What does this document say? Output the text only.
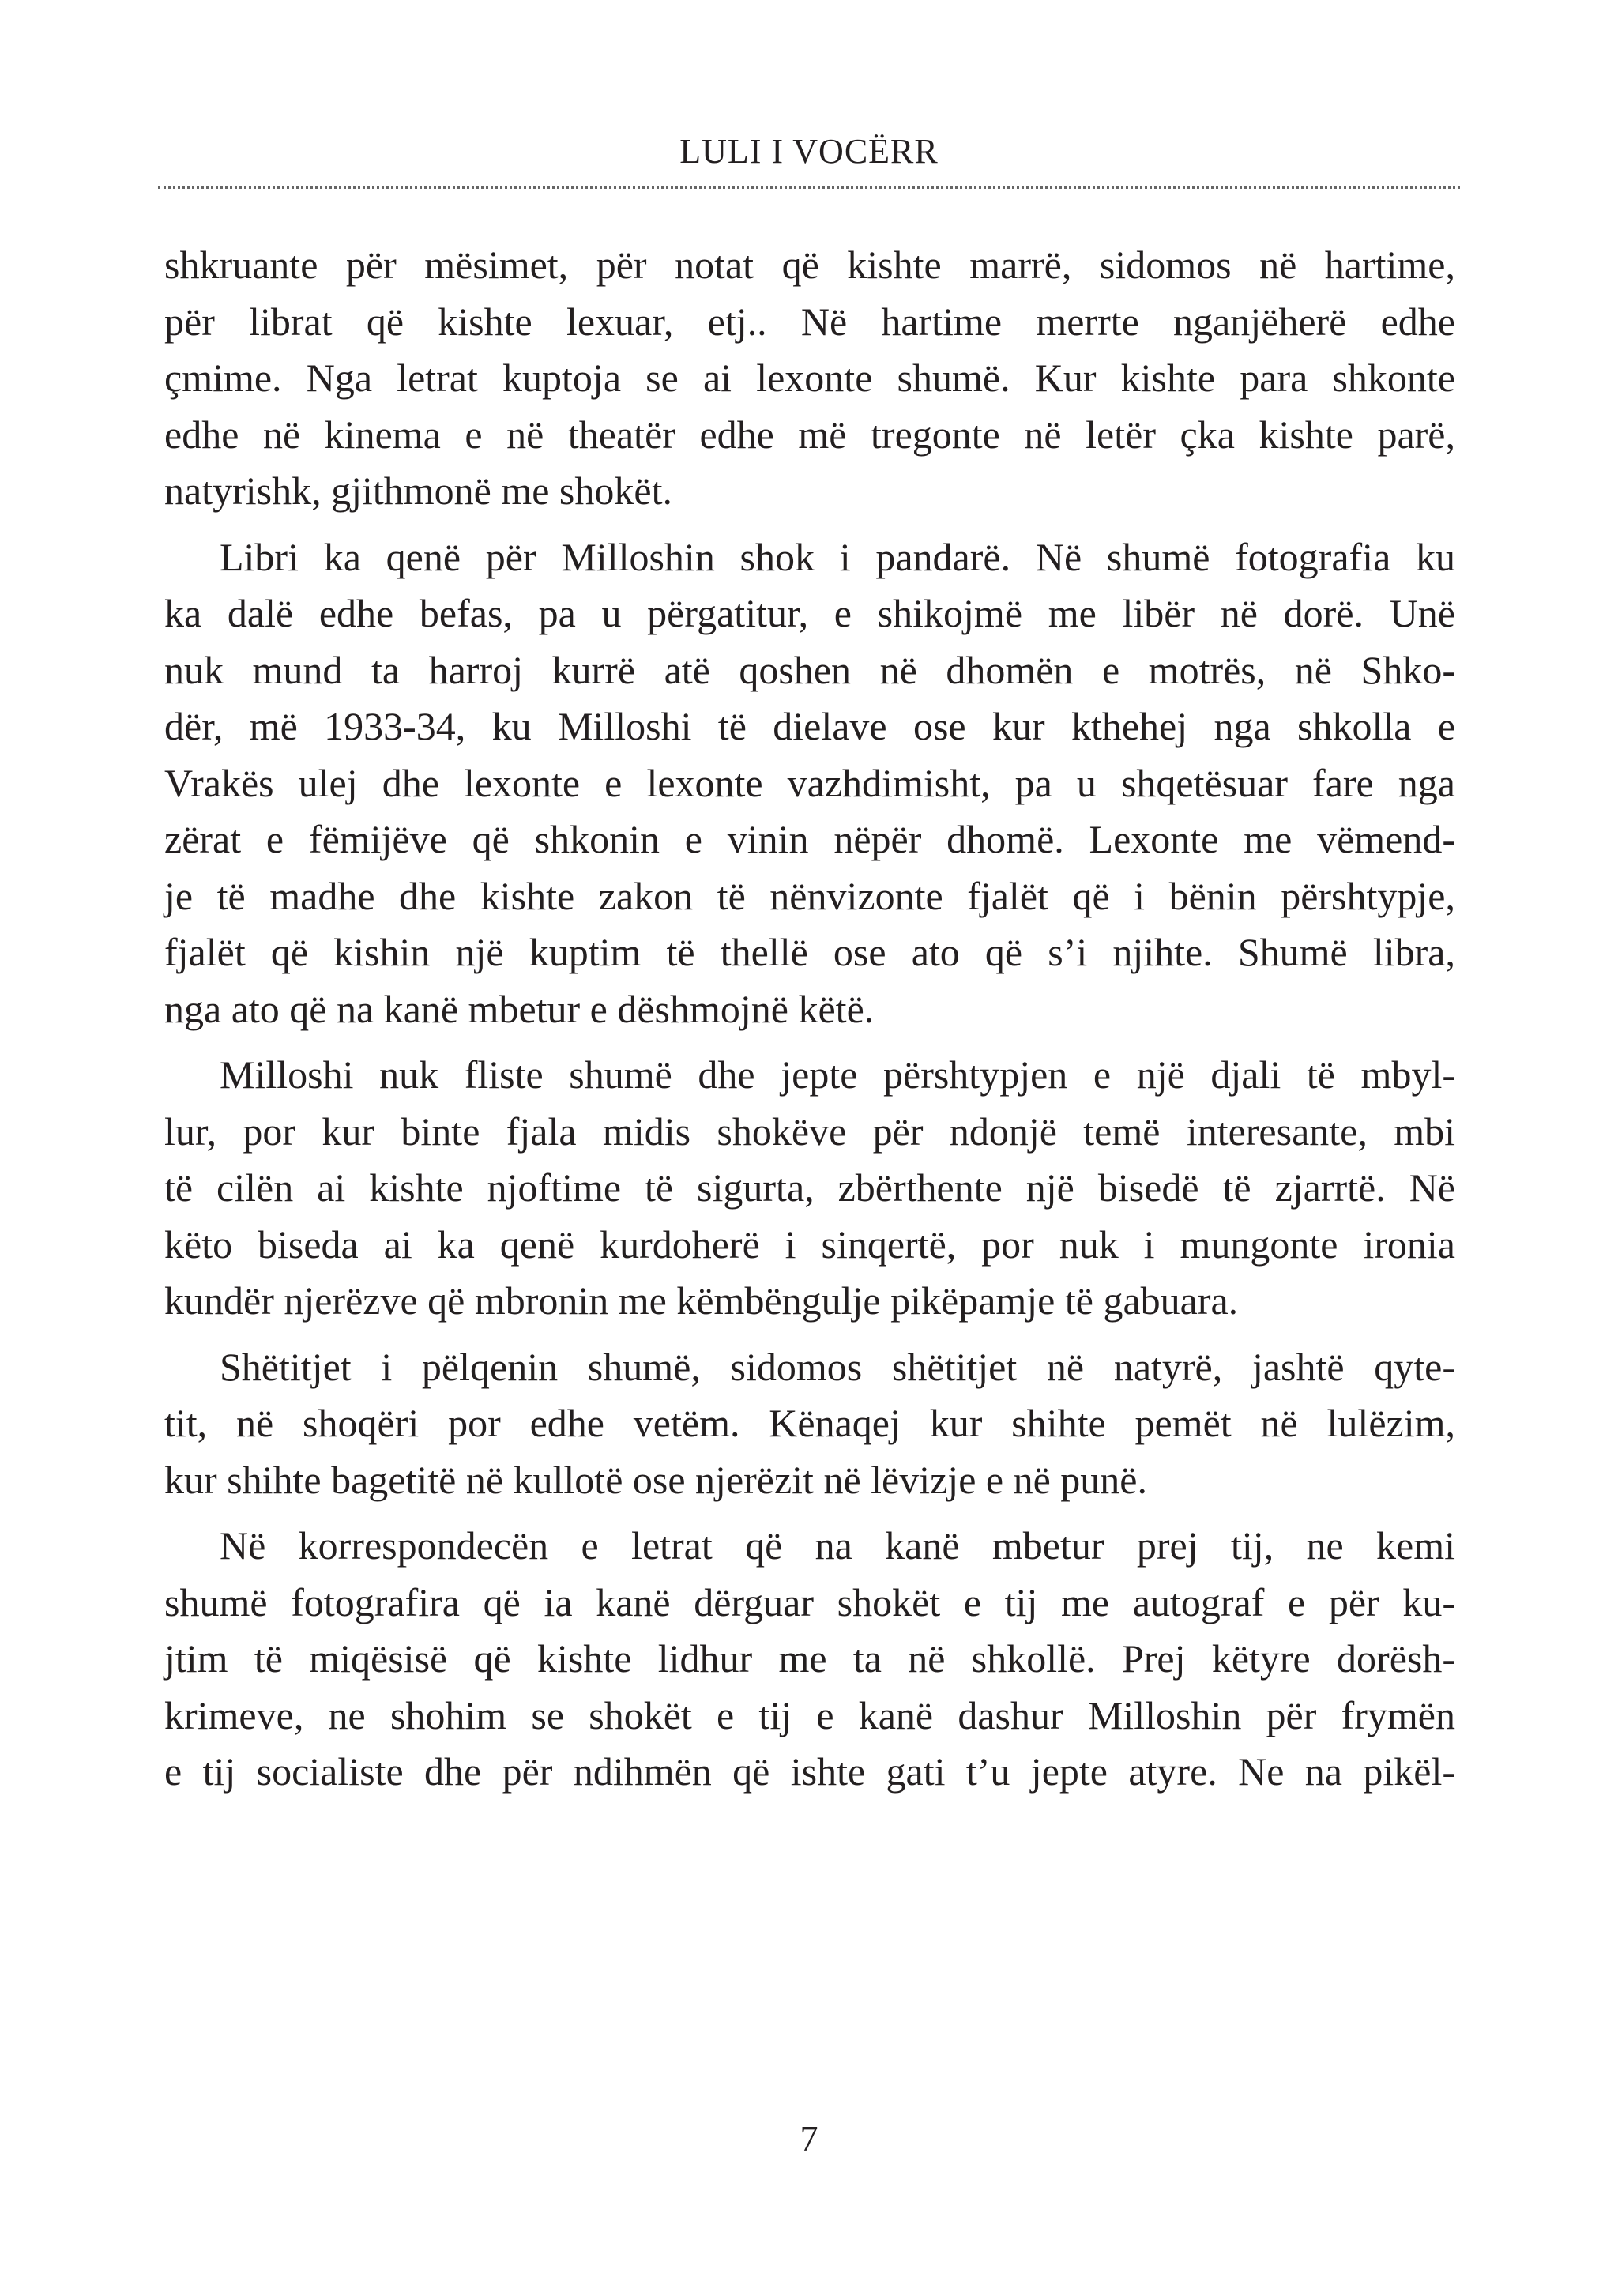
LULI I VOCËRR

shkruante për mësimet, për notat që kishte marrë, sidomos në hartime,
për librat që kishte lexuar, etj.. Në hartime merrte nganjëherë edhe
çmime. Nga letrat kuptoja se ai lexonte shumë. Kur kishte para shkonte
edhe në kinema e në theatër edhe më tregonte në letër çka kishte parë,
natyrishk, gjithmonë me shokët.

Libri ka qenë për Milloshin shok i pandarë. Në shumë fotografia ku
ka dalë edhe befas, pa u përgatitur, e shikojmë me libër në dorë. Unë
nuk mund ta harroj kurrë atë qoshen në dhomën e motrës, në Shko-
dër, më 1933-34, ku Milloshi të dielave ose kur kthehej nga shkolla e
Vrakës ulej dhe lexonte e lexonte vazhdimisht, pa u shqetësuar fare nga
zërat e fëmijëve që shkonin e vinin nëpër dhomë. Lexonte me vëmend-
je të madhe dhe kishte zakon të nënvizonte fjalët që i bënin përshtypje,
fjalët që kishin një kuptim të thellë ose ato që s’i njihte. Shumë libra,
nga ato që na kanë mbetur e dëshmojnë këtë.

Milloshi nuk fliste shumë dhe jepte përshtypjen e një djali të mbyl-
lur, por kur binte fjala midis shokëve për ndonjë temë interesante, mbi
të cilën ai kishte njoftime të sigurta, zbërthente një bisedë të zjarrtë. Në
këto biseda ai ka qenë kurdoherë i sinqertë, por nuk i mungonte ironia
kundër njerëzve që mbronin me këmbëngulje pikëpamje të gabuara.

Shëtitjet i pëlqenin shumë, sidomos shëtitjet në natyrë, jashtë qyte-
tit, në shoqëri por edhe vetëm. Kënaqej kur shihte pemët në lulëzim,
kur shihte bagetitë në kullotë ose njerëzit në lëvizje e në punë.

Në korrespondecën e letrat që na kanë mbetur prej tij, ne kemi
shumë fotografira që ia kanë dërguar shokët e tij me autograf e për ku-
jtim të miqësisë që kishte lidhur me ta në shkollë. Prej këtyre dorësh-
krimeve, ne shohim se shokët e tij e kanë dashur Milloshin për frymën
e tij socialiste dhe për ndihmën që ishte gati t’u jepte atyre. Ne na pikël-

7
